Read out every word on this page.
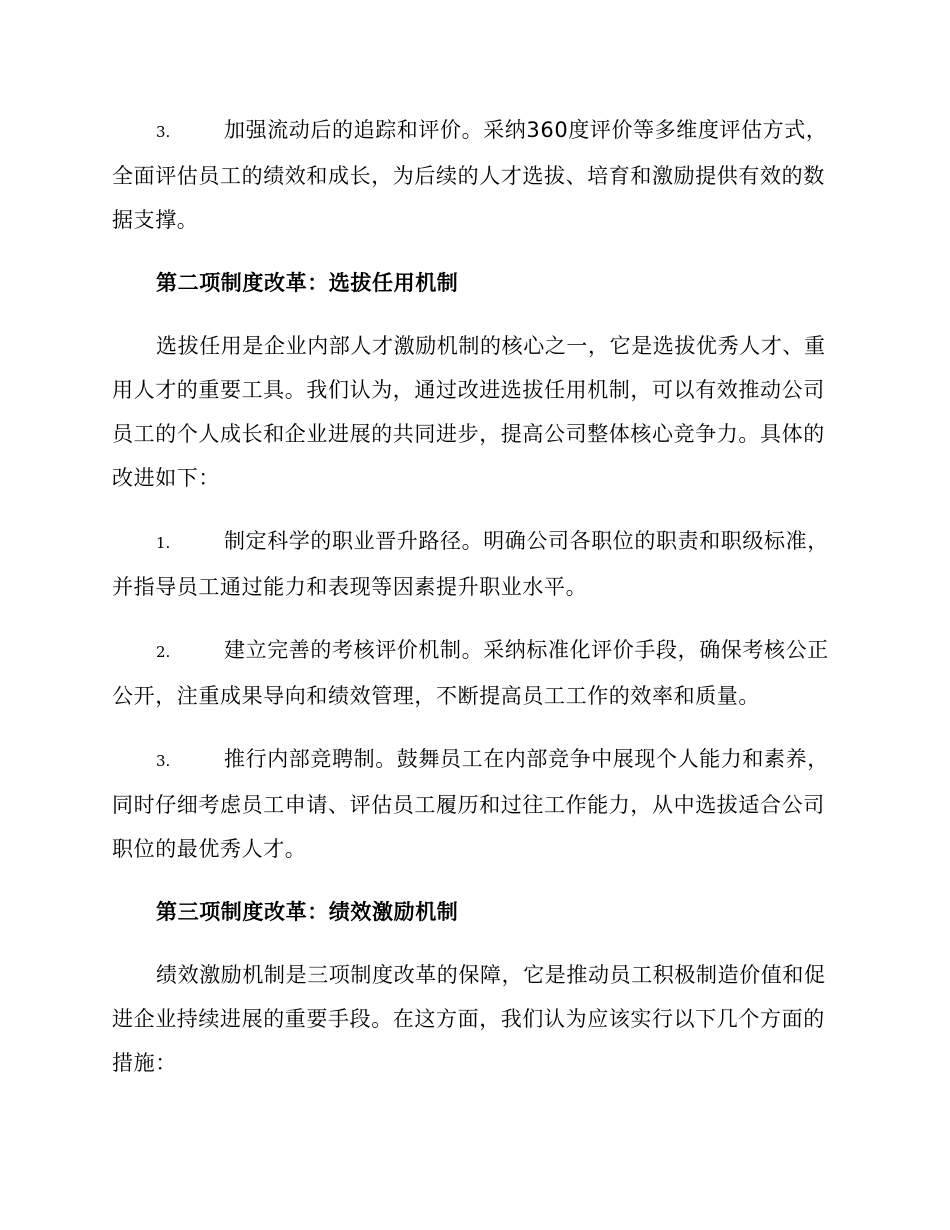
3.	加强流动后的追踪和评价。采纳360度评价等多维度评估方式，全面评估员工的绩效和成长，为后续的人才选拔、培育和激励提供有效的数据支撑。

第二项制度改革：选拔任用机制

选拔任用是企业内部人才激励机制的核心之一，它是选拔优秀人才、重用人才的重要工具。我们认为，通过改进选拔任用机制，可以有效推动公司员工的个人成长和企业进展的共同进步，提高公司整体核心竞争力。具体的改进如下：

1.	制定科学的职业晋升路径。明确公司各职位的职责和职级标准，并指导员工通过能力和表现等因素提升职业水平。

2.	建立完善的考核评价机制。采纳标准化评价手段，确保考核公正公开，注重成果导向和绩效管理，不断提高员工工作的效率和质量。

3.	推行内部竞聘制。鼓舞员工在内部竞争中展现个人能力和素养，同时仔细考虑员工申请、评估员工履历和过往工作能力，从中选拔适合公司职位的最优秀人才。

第三项制度改革：绩效激励机制

绩效激励机制是三项制度改革的保障，它是推动员工积极制造价值和促进企业持续进展的重要手段。在这方面，我们认为应该实行以下几个方面的措施：
